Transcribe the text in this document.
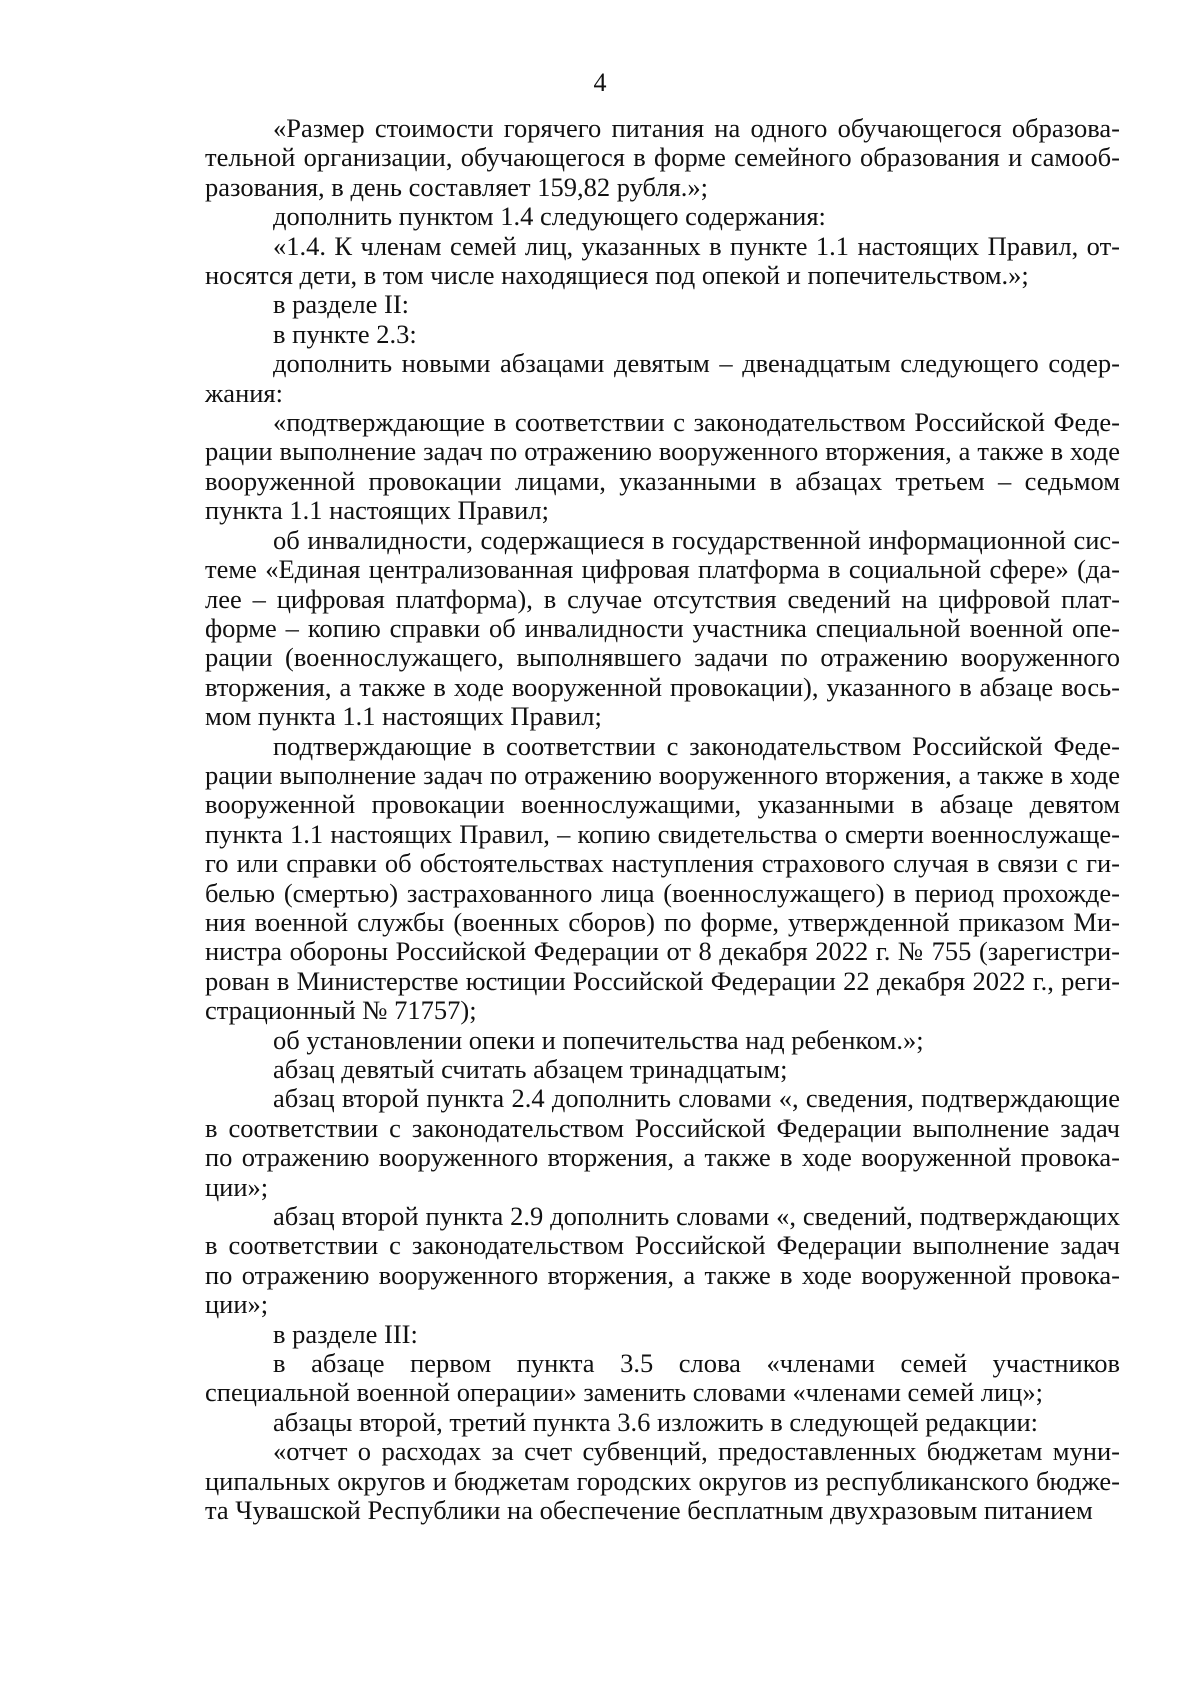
4

«Размер стоимости горячего питания на одного обучающегося образовательной организации, обучающегося в форме семейного образования и самообразования, в день составляет 159,82 рубля.»;

дополнить пунктом 1.4 следующего содержания:

«1.4. К членам семей лиц, указанных в пункте 1.1 настоящих Правил, относятся дети, в том числе находящиеся под опекой и попечительством.»;

в разделе II:

в пункте 2.3:

дополнить новыми абзацами девятым – двенадцатым следующего содержания:

«подтверждающие в соответствии с законодательством Российской Федерации выполнение задач по отражению вооруженного вторжения, а также в ходе вооруженной провокации лицами, указанными в абзацах третьем – седьмом пункта 1.1 настоящих Правил;

об инвалидности, содержащиеся в государственной информационной системе «Единая централизованная цифровая платформа в социальной сфере» (далее – цифровая платформа), в случае отсутствия сведений на цифровой платформе – копию справки об инвалидности участника специальной военной операции (военнослужащего, выполнявшего задачи по отражению вооруженного вторжения, а также в ходе вооруженной провокации), указанного в абзаце восьмом пункта 1.1 настоящих Правил;

подтверждающие в соответствии с законодательством Российской Федерации выполнение задач по отражению вооруженного вторжения, а также в ходе вооруженной провокации военнослужащими, указанными в абзаце девятом пункта 1.1 настоящих Правил, – копию свидетельства о смерти военнослужащего или справки об обстоятельствах наступления страхового случая в связи с гибелью (смертью) застрахованного лица (военнослужащего) в период прохождения военной службы (военных сборов) по форме, утвержденной приказом Министра обороны Российской Федерации от 8 декабря 2022 г. № 755 (зарегистрирован в Министерстве юстиции Российской Федерации 22 декабря 2022 г., регистрационный № 71757);

об установлении опеки и попечительства над ребенком.»;

абзац девятый считать абзацем тринадцатым;

абзац второй пункта 2.4 дополнить словами «, сведения, подтверждающие в соответствии с законодательством Российской Федерации выполнение задач по отражению вооруженного вторжения, а также в ходе вооруженной провокации»;

абзац второй пункта 2.9 дополнить словами «, сведений, подтверждающих в соответствии с законодательством Российской Федерации выполнение задач по отражению вооруженного вторжения, а также в ходе вооруженной провокации»;

в разделе III:

в абзаце первом пункта 3.5 слова «членами семей участников специальной военной операции» заменить словами «членами семей лиц»;

абзацы второй, третий пункта 3.6 изложить в следующей редакции:

«отчет о расходах за счет субвенций, предоставленных бюджетам муниципальных округов и бюджетам городских округов из республиканского бюджета Чувашской Республики на обеспечение бесплатным двухразовым питанием
